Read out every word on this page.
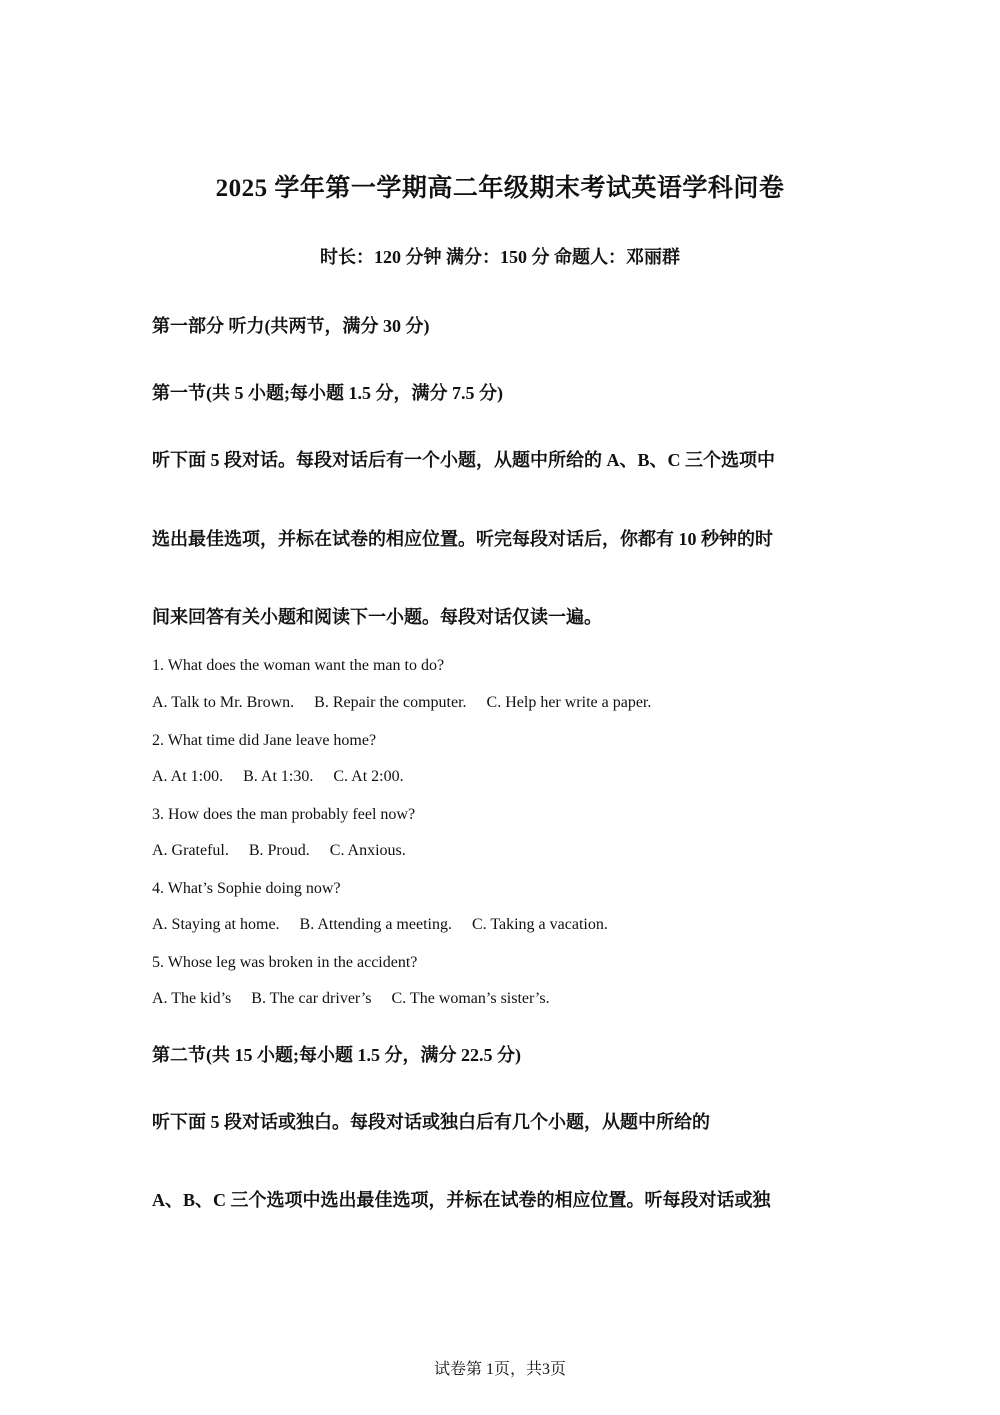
2025 学年第一学期高二年级期末考试英语学科问卷
时长：120 分钟 满分：150 分 命题人：邓丽群
第一部分 听力(共两节，满分 30 分)
第一节(共 5 小题;每小题 1.5 分，满分 7.5 分)
听下面 5 段对话。每段对话后有一个小题，从题中所给的 A、B、C 三个选项中
选出最佳选项，并标在试卷的相应位置。听完每段对话后，你都有 10 秒钟的时
间来回答有关小题和阅读下一小题。每段对话仅读一遍。
1. What does the woman want the man to do?
A. Talk to Mr. Brown. B. Repair the computer. C. Help her write a paper.
2. What time did Jane leave home?
A. At 1:00. B. At 1:30. C. At 2:00.
3. How does the man probably feel now?
A. Grateful. B. Proud. C. Anxious.
4. What’s Sophie doing now?
A. Staying at home. B. Attending a meeting. C. Taking a vacation.
5. Whose leg was broken in the accident?
A. The kid’s B. The car driver’s C. The woman’s sister’s.
第二节(共 15 小题;每小题 1.5 分，满分 22.5 分)
听下面 5 段对话或独白。每段对话或独白后有几个小题，从题中所给的
A、B、C 三个选项中选出最佳选项，并标在试卷的相应位置。听每段对话或独
试卷第 1页，共3页
